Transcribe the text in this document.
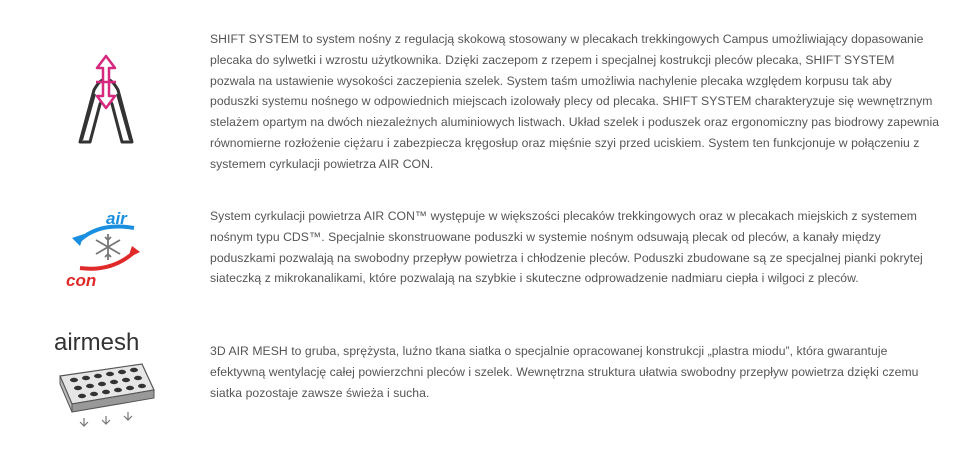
SHIFT SYSTEM to system nośny z regulacją skokową stosowany w plecakach trekkingowych Campus umożliwiający dopasowanie plecaka do sylwetki i wzrostu użytkownika. Dzięki zaczepom z rzepem i specjalnej kostrukcji pleców plecaka, SHIFT SYSTEM pozwala na ustawienie wysokości zaczepienia szelek. System taśm umożliwia nachylenie plecaka względem korpusu tak aby poduszki systemu nośnego w odpowiednich miejscach izolowały plecy od plecaka. SHIFT SYSTEM charakteryzuje się wewnętrznym stelażem opartym na dwóch niezależnych aluminiowych listwach. Układ szelek i poduszek oraz ergonomiczny pas biodrowy zapewnia równomierne rozłożenie ciężaru i zabezpiecza kręgosłup oraz mięśnie szyi przed uciskiem. System ten funkcjonuje w połączeniu z systemem cyrkulacji powietrza AIR CON.

air
con

System cyrkulacji powietrza AIR CON™ występuje w większości plecaków trekkingowych oraz w plecakach miejskich z systemem nośnym typu CDS™. Specjalnie skonstruowane poduszki w systemie nośnym odsuwają plecak od pleców, a kanały między poduszkami pozwalają na swobodny przepływ powietrza i chłodzenie pleców. Poduszki zbudowane są ze specjalnej pianki pokrytej siateczką z mikrokanalikami, które pozwalają na szybkie i skuteczne odprowadzenie nadmiaru ciepła i wilgoci z pleców.

airmesh	3D AIR MESH to gruba, sprężysta, luźno tkana siatka o specjalnie opracowanej konstrukcji „plastra miodu”, która gwarantuje efektywną wentylację całej powierzchni pleców i szelek. Wewnętrzna struktura ułatwia swobodny przepływ powietrza dzięki czemu siatka pozostaje zawsze świeża i sucha.
